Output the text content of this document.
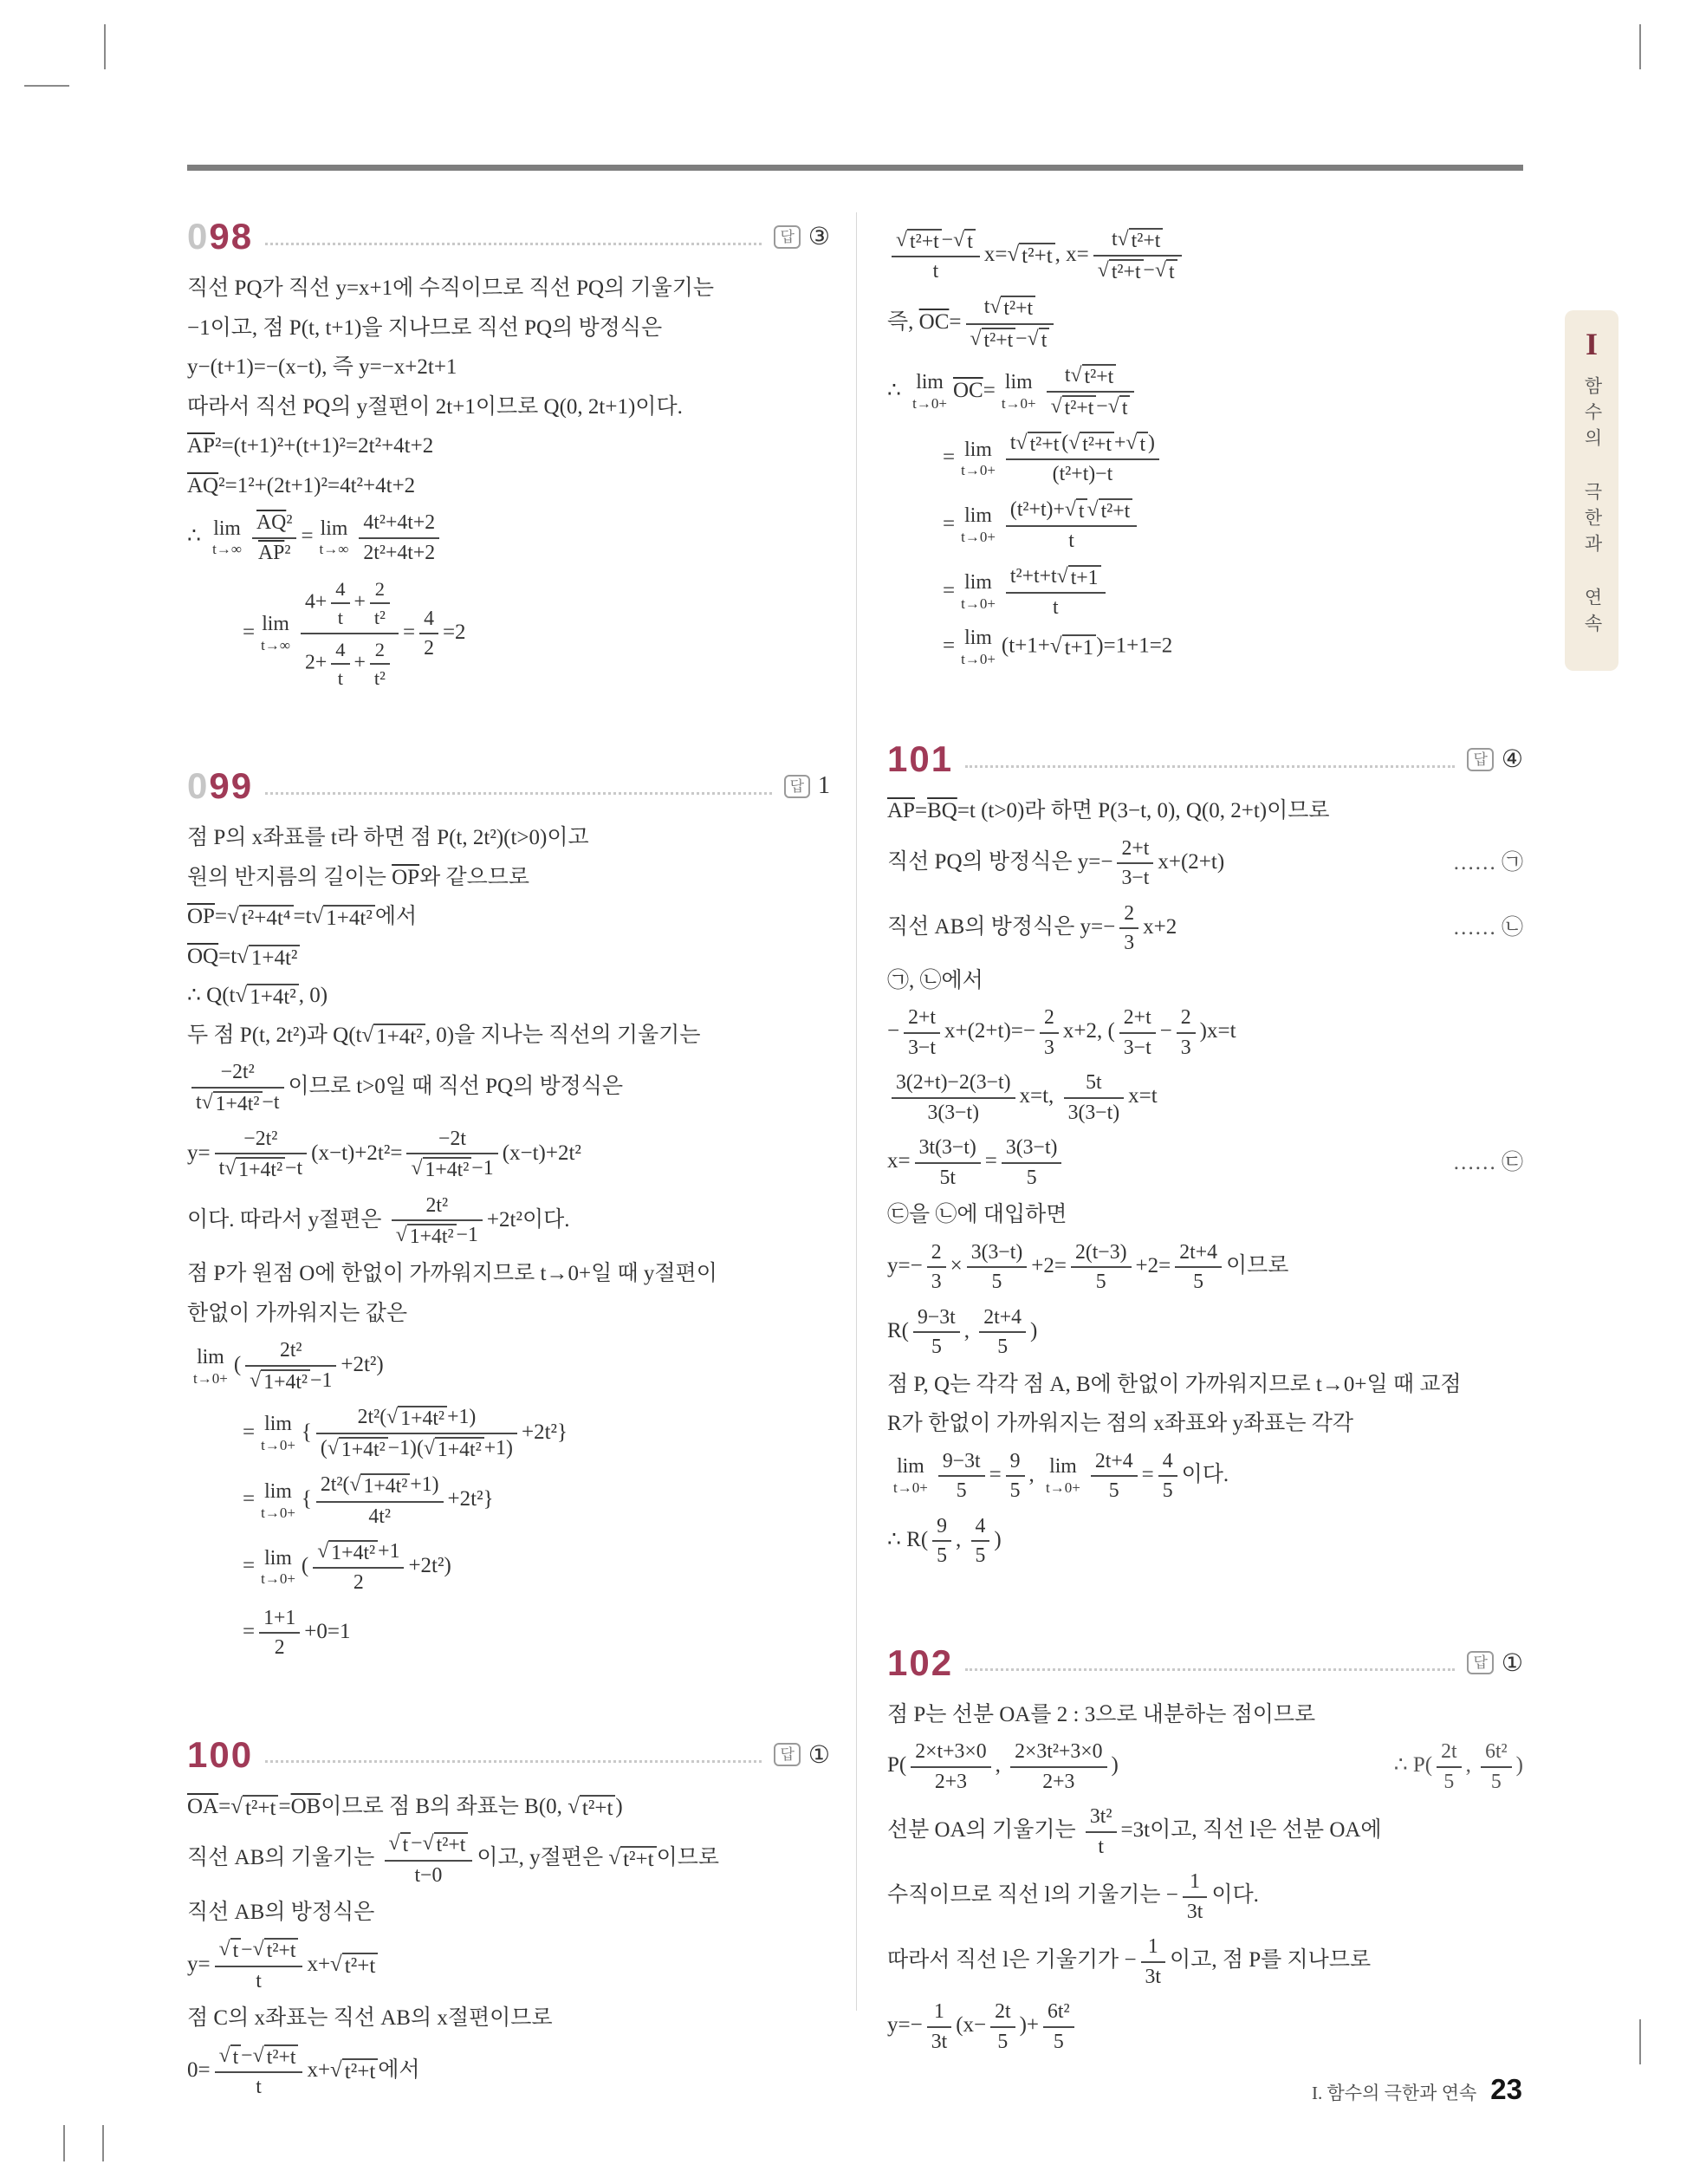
098	답 ③
직선 PQ가 직선 y=x+1에 수직이므로 직선 PQ의 기울기는
−1이고, 점 P(t, t+1)을 지나므로 직선 PQ의 방정식은
y−(t+1)=−(x−t), 즉 y=−x+2t+1
따라서 직선 PQ의 y절편이 2t+1이므로 Q(0, 2t+1)이다.
$\overline{AP}^2=(t+1)^2+(t+1)^2=2t^2+4t+2$
$\overline{AQ}^2=1^2+(2t+1)^2=4t^2+4t+2$
∴ lim
$t\to\infty \frac{\overline{AQ}^2}{\overline{AP}^2} = \lim$
$t\to\infty \frac{\text{4t²+4t+2}}{\text{2t²+4t+2}}$
= lim
$t\to\infty \frac{4+ \frac{4}{t} + \frac{2}{\text{t²}}}{2+ \frac{4}{t} + \frac{2}{\text{t²}}} = \frac{4}{2} =2$
099	답 1
점 P의 x좌표를 t라 하면 점 P(t, 2t²)(t>0)이고
원의 반지름의 길이는 $\overline{OP}$와 같으므로
$\overline{OP}=$ √ t²+4t⁴ =t √ 1+4t² 에서
$\overline{OQ}=t$ √ 1+4t²
∴ Q(t √ 1+4t² , 0)
두 점 P(t, 2t²)과 Q(t √ 1+4t² , 0)을 지나는 직선의 기울기는
$\frac{\text{−2t²}}{\text{t √ 1+4t² −t}}$ 이므로 t>0일 때 직선 PQ의 방정식은
$y= \frac{\text{−2t²}}{\text{t √ 1+4t² −t}} (x-t)+2t^2= \frac{-2t}{\text{√ 1+4t² −1}} (x-t)+2t^2$
이다. 따라서 y절편은 $\frac{\text{2t²}}{\text{√ 1+4t² −1}} +2t^2$이다.
점 P가 원점 O에 한없이 가까워지므로 t→0+일 때 y절편이
한없이 가까워지는 값은
lim
t→0+
( $\frac{\text{2t²}}{\text{√ 1+4t² −1}} +2t^2$)
= lim
t→0+
{ $\frac{\text{2t²( √ 1+4t² +1)}}{\text{( √ 1+4t² −1)( √ 1+4t² +1)}} +2t^2$}
= lim
t→0+
{ $\frac{\text{2t²( √ 1+4t² +1)}}{\text{4t²}} +2t^2$}
= lim
t→0+
( $\frac{\text{√ 1+4t² +1}}{2} +2t^2$)
= $\frac{1+1}{2} +0=1$
100	답 ①
$\overline{OA}=$ √ $t^2+t =\overline{OB}$이므로 점 B의 좌표는 B(0, √ t²+t )
직선 AB의 기울기는 $\frac{\text{√ t − √ t²+t}}{t-0}$ 이고, y절편은 √ t²+t 이므로
직선 AB의 방정식은
$y= \frac{\text{√ t − √ t²+t}}{t} x+$ √ t²+t
점 C의 x좌표는 직선 AB의 x절편이므로
$0= \frac{\text{√ t − √ t²+t}}{t} x+$ √ t²+t 에서
$\frac{\text{√ t²+t − √ t}}{t} x=$ √ t²+t , $x= \frac{\text{t √ t²+t}}{\text{√ t²+t − √ t}}$
즉, $\overline{OC}= \frac{\text{t √ t²+t}}{\text{√ t²+t − √ t}}$
∴ lim
t→0+
$\overline{OC}= \lim$
$t\to 0+ \frac{\text{t √ t²+t}}{\text{√ t²+t − √ t}}$
= lim
$t\to 0+ \frac{\text{t √ t²+t ( √ t²+t + √ t )}}{\text{(t²+t)−t}}$
= lim
$t\to 0+ \frac{\text{(t²+t)+ √ t √ t²+t}}{t}$
= lim
$t\to 0+ \frac{\text{t²+t+t √ t+1}}{t}$
= lim
t→0+
(t+1+ √ t+1 )=1+1=2
101	답 ④
$\overline{AP}=\overline{BQ}=t$ (t>0)라 하면 P(3−t, 0), Q(0, 2+t)이므로
직선 PQ의 방정식은 $y=- \frac{2+t}{3-t} x+(2+t)$	…… ㉠
직선 AB의 방정식은 $y=- \frac{2}{3} x+2$	…… ㉡
㉠, ㉡에서
− $\frac{2+t}{3-t} x+(2+t)=- \frac{2}{3} x+2$, ( $\frac{2+t}{3-t} - \frac{2}{3} )x=t$
$\frac{3(2+t)-2(3-t)}{3(3-t)} x=t$, $\frac{5t}{3(3-t)} x=t$
$x= \frac{3t(3-t)}{5t} = \frac{3(3-t)}{5}$	…… ㉢
㉢을 ㉡에 대입하면
$y=- \frac{2}{3} \times \frac{3(3-t)}{5} +2= \frac{2(t-3)}{5} +2= \frac{2t+4}{5}$ 이므로
$R( \frac{9-3t}{5}$ , $\frac{2t+4}{5}$ )
점 P, Q는 각각 점 A, B에 한없이 가까워지므로 t→0+일 때 교점
R가 한없이 가까워지는 점의 x좌표와 y좌표는 각각
lim
$t\to 0+ \frac{9-3t}{5} = \frac{9}{5}$ , lim
$t\to 0+ \frac{2t+4}{5} = \frac{4}{5}$ 이다.
∴ $R( \frac{9}{5}$ , $\frac{4}{5}$ )
102	답 ①
점 P는 선분 OA를 2 : 3으로 내분하는 점이므로
$P( \frac{2\times t+3\times 0}{2+3}$ , $\frac{\text{2×3t²+3×0}}{2+3}$ )	∴ $P( \frac{2t}{5}$ , $\frac{\text{6t²}}{5}$ )
선분 OA의 기울기는 $\frac{\text{3t²}}{t} =3t$이고, 직선 l은 선분 OA에
수직이므로 직선 l의 기울기는 − $\frac{1}{3t}$ 이다.
따라서 직선 l은 기울기가 − $\frac{1}{3t}$ 이고, 점 P를 지나므로
$y=- \frac{1}{3t} (x- \frac{2t}{5}$ )+ $\frac{\text{6t²}}{5}$
I
함수의 극한과 연속
I. 함수의 극한과 연속 23
